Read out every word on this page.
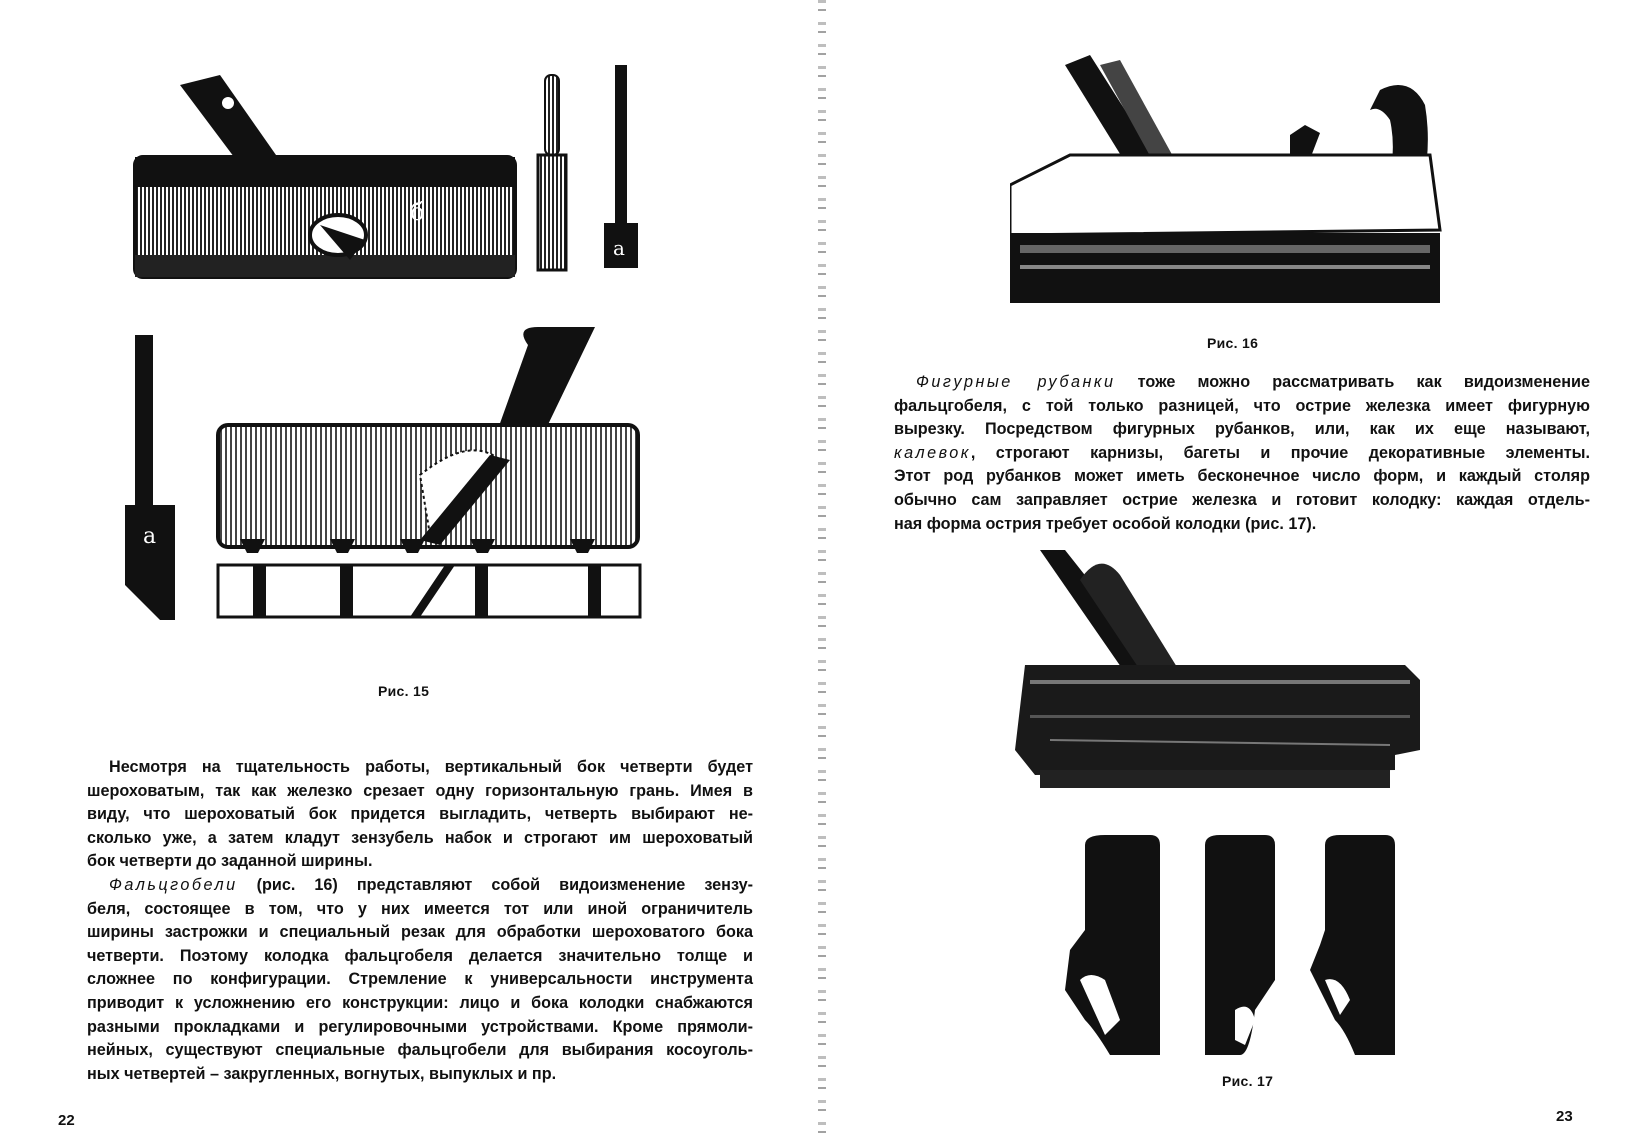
б
a
a
Рис. 15

Несмотря на тщательность работы, вертикальный бок четверти будет
шероховатым, так как железко срезает одну горизонтальную грань. Имея в
виду, что шероховатый бок придется выгладить, четверть выбирают не-
сколько уже, а затем кладут зензубель набок и строгают им шероховатый
бок четверти до заданной ширины.

Фальцгобели (рис. 16) представляют собой видоизменение зензу-
беля, состоящее в том, что у них имеется тот или иной ограничитель
ширины застрожки и специальный резак для обработки шероховатого бока
четверти. Поэтому колодка фальцгобеля делается значительно толще и
сложнее по конфигурации. Стремление к универсальности инструмента
приводит к усложнению его конструкции: лицо и бока колодки снабжаются
разными прокладками и регулировочными устройствами. Кроме прямоли-
нейных, существуют специальные фальцгобели для выбирания косоуголь-
ных четвертей – закругленных, вогнутых, выпуклых и пр.

22
Рис. 16

Фигурные рубанки тоже можно рассматривать как видоизменение
фальцгобеля, с той только разницей, что острие железка имеет фигурную
вырезку. Посредством фигурных рубанков, или, как их еще называют,
калевок, строгают карнизы, багеты и прочие декоративные элементы.
Этот род рубанков может иметь бесконечное число форм, и каждый столяр
обычно сам заправляет острие железка и готовит колодку: каждая отдель-
ная форма острия требует особой колодки (рис. 17).

Рис. 17
23
